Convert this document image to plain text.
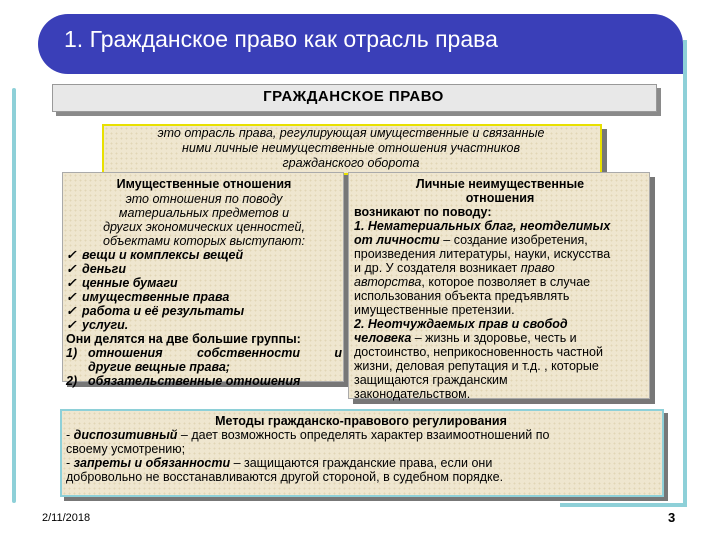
1. Гражданское право как отрасль права
ГРАЖДАНСКОЕ ПРАВО

это отрасль права, регулирующая имущественные и связанные

ними личные неимущественные отношения участников

гражданского оборота

Имущественные отношения

это отношения по поводу

материальных предметов и

других экономических ценностей,

объектами которых выступают:

✓ вещи и комплексы вещей

✓ деньги

✓ ценные бумаги

✓ имущественные права

✓ работа и её результаты

✓ услуги.

Они делятся на две большие группы:

1) отношения собственности и

другие вещные права;

2) обязательственные отношения

Личные неимущественные

отношения

возникают по поводу:

1. Нематериальных благ, неотделимых

от личности – создание изобретения,

произведения литературы, науки, искусства

и др. У создателя возникает право

авторства, которое позволяет в случае

использования объекта предъявлять

имущественные претензии.

2. Неотчуждаемых прав и свобод

человека – жизнь и здоровье, честь и

достоинство, неприкосновенность частной

жизни, деловая репутация и т.д. , которые

защищаются гражданским

законодательством.

Методы гражданско-правового регулирования

- диспозитивный – дает возможность определять характер взаимоотношений по

своему усмотрению;

- запреты и обязанности – защищаются гражданские права, если они

добровольно не восстанавливаются другой стороной, в судебном порядке.

2/11/2018	3
